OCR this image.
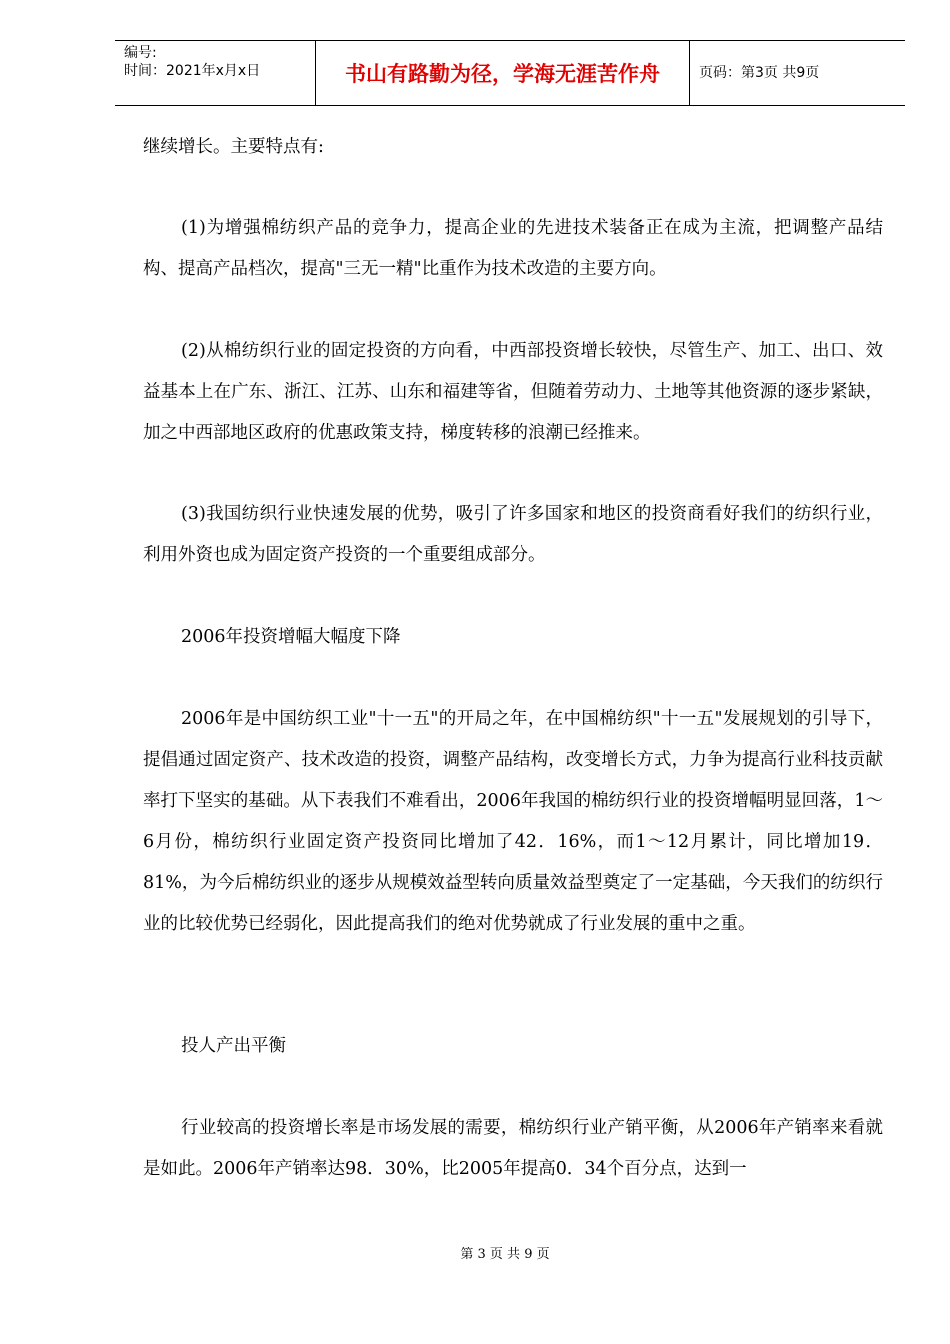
编号:
时间：2021年x月x日	书山有路勤为径，学海无涯苦作舟	页码：第3页 共9页

继续增长。主要特点有:

(1)为增强棉纺织产品的竞争力，提高企业的先进技术装备正在成为主流，把调整产品结构、提高产品档次，提高"三无一精"比重作为技术改造的主要方向。

(2)从棉纺织行业的固定投资的方向看，中西部投资增长较快，尽管生产、加工、出口、效益基本上在广东、浙江、江苏、山东和福建等省，但随着劳动力、土地等其他资源的逐步紧缺，加之中西部地区政府的优惠政策支持，梯度转移的浪潮已经推来。

(3)我国纺织行业快速发展的优势，吸引了许多国家和地区的投资商看好我们的纺织行业，利用外资也成为固定资产投资的一个重要组成部分。

2006年投资增幅大幅度下降

2006年是中国纺织工业"十一五"的开局之年，在中国棉纺织"十一五"发展规划的引导下，提倡通过固定资产、技术改造的投资，调整产品结构，改变增长方式，力争为提高行业科技贡献率打下坚实的基础。从下表我们不难看出，2006年我国的棉纺织行业的投资增幅明显回落，1～6月份，棉纺织行业固定资产投资同比增加了42．16%，而1～12月累计，同比增加19．81%，为今后棉纺织业的逐步从规模效益型转向质量效益型奠定了一定基础，今天我们的纺织行业的比较优势已经弱化，因此提高我们的绝对优势就成了行业发展的重中之重。

投人产出平衡

行业较高的投资增长率是市场发展的需要，棉纺织行业产销平衡，从2006年产销率来看就是如此。2006年产销率达98．30%，比2005年提高0．34个百分点，达到一

第 3 页 共 9 页
